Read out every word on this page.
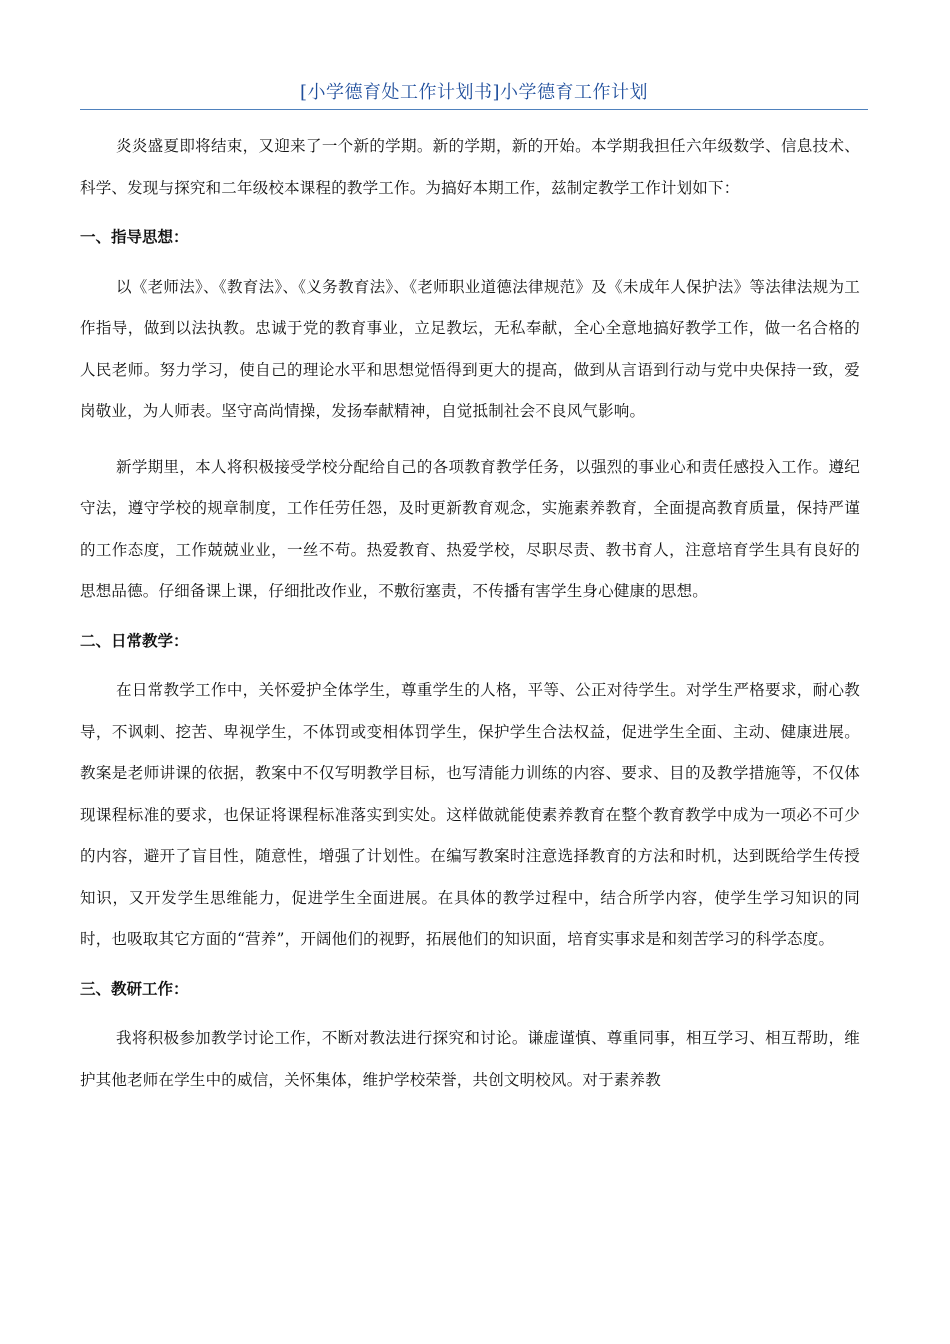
[小学德育处工作计划书]小学德育工作计划

炎炎盛夏即将结束，又迎来了一个新的学期。新的学期，新的开始。本学期我担任六年级数学、信息技术、科学、发现与探究和二年级校本课程的教学工作。为搞好本期工作，兹制定教学工作计划如下：

一、指导思想：

以《老师法》、《教育法》、《义务教育法》、《老师职业道德法律规范》及《未成年人保护法》等法律法规为工作指导，做到以法执教。忠诚于党的教育事业，立足教坛，无私奉献，全心全意地搞好教学工作，做一名合格的人民老师。努力学习，使自己的理论水平和思想觉悟得到更大的提高，做到从言语到行动与党中央保持一致，爱岗敬业，为人师表。坚守高尚情操，发扬奉献精神，自觉抵制社会不良风气影响。

新学期里，本人将积极接受学校分配给自己的各项教育教学任务，以强烈的事业心和责任感投入工作。遵纪守法，遵守学校的规章制度，工作任劳任怨，及时更新教育观念，实施素养教育，全面提高教育质量，保持严谨的工作态度，工作兢兢业业，一丝不苟。热爱教育、热爱学校，尽职尽责、教书育人，注意培育学生具有良好的思想品德。仔细备课上课，仔细批改作业，不敷衍塞责，不传播有害学生身心健康的思想。

二、日常教学：

在日常教学工作中，关怀爱护全体学生，尊重学生的人格，平等、公正对待学生。对学生严格要求，耐心教导，不讽刺、挖苦、卑视学生，不体罚或变相体罚学生，保护学生合法权益，促进学生全面、主动、健康进展。教案是老师讲课的依据，教案中不仅写明教学目标，也写清能力训练的内容、要求、目的及教学措施等，不仅体现课程标准的要求，也保证将课程标准落实到实处。这样做就能使素养教育在整个教育教学中成为一项必不可少的内容，避开了盲目性，随意性，增强了计划性。在编写教案时注意选择教育的方法和时机，达到既给学生传授知识，又开发学生思维能力，促进学生全面进展。在具体的教学过程中，结合所学内容，使学生学习知识的同时，也吸取其它方面的“营养”，开阔他们的视野，拓展他们的知识面，培育实事求是和刻苦学习的科学态度。

三、教研工作：

我将积极参加教学讨论工作，不断对教法进行探究和讨论。谦虚谨慎、尊重同事，相互学习、相互帮助，维护其他老师在学生中的威信，关怀集体，维护学校荣誉，共创文明校风。对于素养教
